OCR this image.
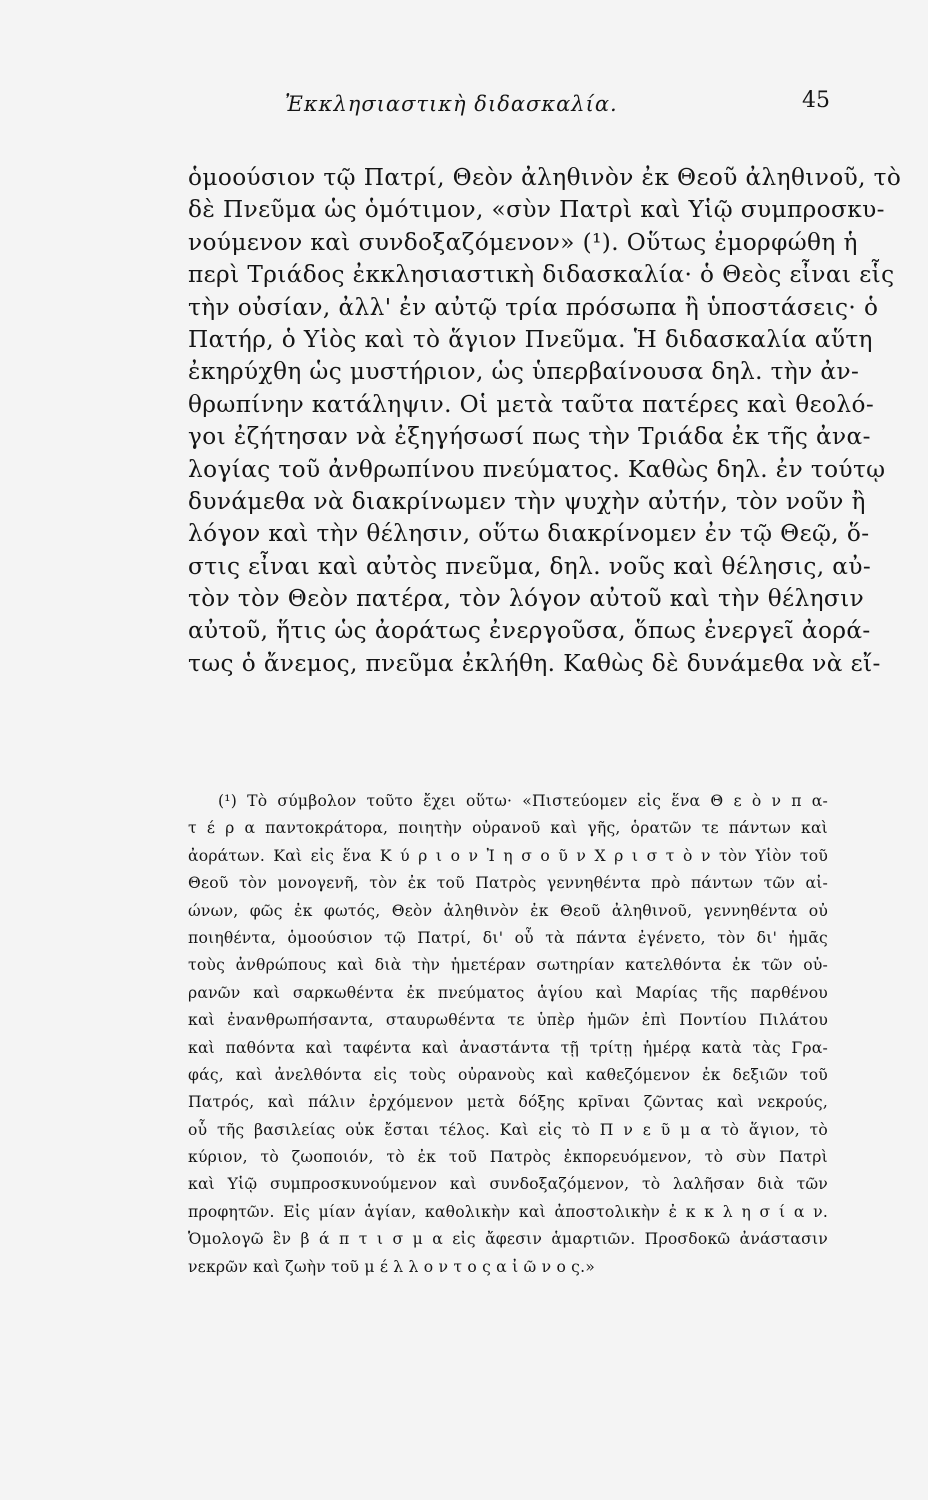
Ἐκκλησιαστικὴ διδασκαλία.	45
ὁμοούσιον τῷ Πατρί, Θεὸν ἀληθινὸν ἐκ Θεοῦ ἀληθινοῦ, τὸ
δὲ Πνεῦμα ὡς ὁμότιμον, «σὺν Πατρὶ καὶ Υἱῷ συμπροσκυ-
νούμενον καὶ συνδοξαζόμενον» (¹). Οὕτως ἐμορφώθη ἡ
περὶ Τριάδος ἐκκλησιαστικὴ διδασκαλία· ὁ Θεὸς εἶναι εἷς
τὴν οὐσίαν, ἀλλ' ἐν αὐτῷ τρία πρόσωπα ἢ ὑποστάσεις· ὁ
Πατήρ, ὁ Υἱὸς καὶ τὸ ἅγιον Πνεῦμα. Ἡ διδασκαλία αὕτη
ἐκηρύχθη ὡς μυστήριον, ὡς ὑπερβαίνουσα δηλ. τὴν ἀν-
θρωπίνην κατάληψιν. Οἱ μετὰ ταῦτα πατέρες καὶ θεολό-
γοι ἐζήτησαν νὰ ἐξηγήσωσί πως τὴν Τριάδα ἐκ τῆς ἀνα-
λογίας τοῦ ἀνθρωπίνου πνεύματος. Καθὼς δηλ. ἐν τούτῳ
δυνάμεθα νὰ διακρίνωμεν τὴν ψυχὴν αὐτήν, τὸν νοῦν ἢ
λόγον καὶ τὴν θέλησιν, οὕτω διακρίνομεν ἐν τῷ Θεῷ, ὅ-
στις εἶναι καὶ αὐτὸς πνεῦμα, δηλ. νοῦς καὶ θέλησις, αὐ-
τὸν τὸν Θεὸν πατέρα, τὸν λόγον αὐτοῦ καὶ τὴν θέλησιν
αὐτοῦ, ἥτις ὡς ἀοράτως ἐνεργοῦσα, ὅπως ἐνεργεῖ ἀορά-
τως ὁ ἄνεμος, πνεῦμα ἐκλήθη. Καθὼς δὲ δυνάμεθα νὰ εἴ-
(¹) Τὸ σύμβολον τοῦτο ἔχει οὕτω· «Πιστεύομεν εἰς ἕνα Θ ε ὸ ν π α-
τ έ ρ α παντοκράτορα, ποιητὴν οὐρανοῦ καὶ γῆς, ὁρατῶν τε πάντων καὶ
ἀοράτων. Καὶ εἰς ἕνα Κ ύ ρ ι ο ν Ἰ η σ ο ῦ ν Χ ρ ι σ τ ὸ ν τὸν Υἱὸν τοῦ
Θεοῦ τὸν μονογενῆ, τὸν ἐκ τοῦ Πατρὸς γεννηθέντα πρὸ πάντων τῶν αἰ-
ώνων, φῶς ἐκ φωτός, Θεὸν ἀληθινὸν ἐκ Θεοῦ ἀληθινοῦ, γεννηθέντα οὐ
ποιηθέντα, ὁμοούσιον τῷ Πατρί, δι' οὗ τὰ πάντα ἐγένετο, τὸν δι' ἡμᾶς
τοὺς ἀνθρώπους καὶ διὰ τὴν ἡμετέραν σωτηρίαν κατελθόντα ἐκ τῶν οὐ-
ρανῶν καὶ σαρκωθέντα ἐκ πνεύματος ἁγίου καὶ Μαρίας τῆς παρθένου
καὶ ἐνανθρωπήσαντα, σταυρωθέντα τε ὑπὲρ ἡμῶν ἐπὶ Ποντίου Πιλάτου
καὶ παθόντα καὶ ταφέντα καὶ ἀναστάντα τῇ τρίτῃ ἡμέρᾳ κατὰ τὰς Γρα-
φάς, καὶ ἀνελθόντα εἰς τοὺς οὐρανοὺς καὶ καθεζόμενον ἐκ δεξιῶν τοῦ
Πατρός, καὶ πάλιν ἐρχόμενον μετὰ δόξης κρῖναι ζῶντας καὶ νεκρούς,
οὗ τῆς βασιλείας οὐκ ἔσται τέλος. Καὶ εἰς τὸ Π ν ε ῦ μ α τὸ ἅγιον, τὸ
κύριον, τὸ ζωοποιόν, τὸ ἐκ τοῦ Πατρὸς ἐκπορευόμενον, τὸ σὺν Πατρὶ
καὶ Υἱῷ συμπροσκυνούμενον καὶ συνδοξαζόμενον, τὸ λαλῆσαν διὰ τῶν
προφητῶν. Εἰς μίαν ἁγίαν, καθολικὴν καὶ ἀποστολικὴν ἐ κ κ λ η σ ί α ν.
Ὁμολογῶ ἓν β ά π τ ι σ μ α εἰς ἄφεσιν ἁμαρτιῶν. Προσδοκῶ ἀνάστασιν
νεκρῶν καὶ ζωὴν τοῦ μ έ λ λ ο ν τ ο ς α ἰ ῶ ν ο ς.»
